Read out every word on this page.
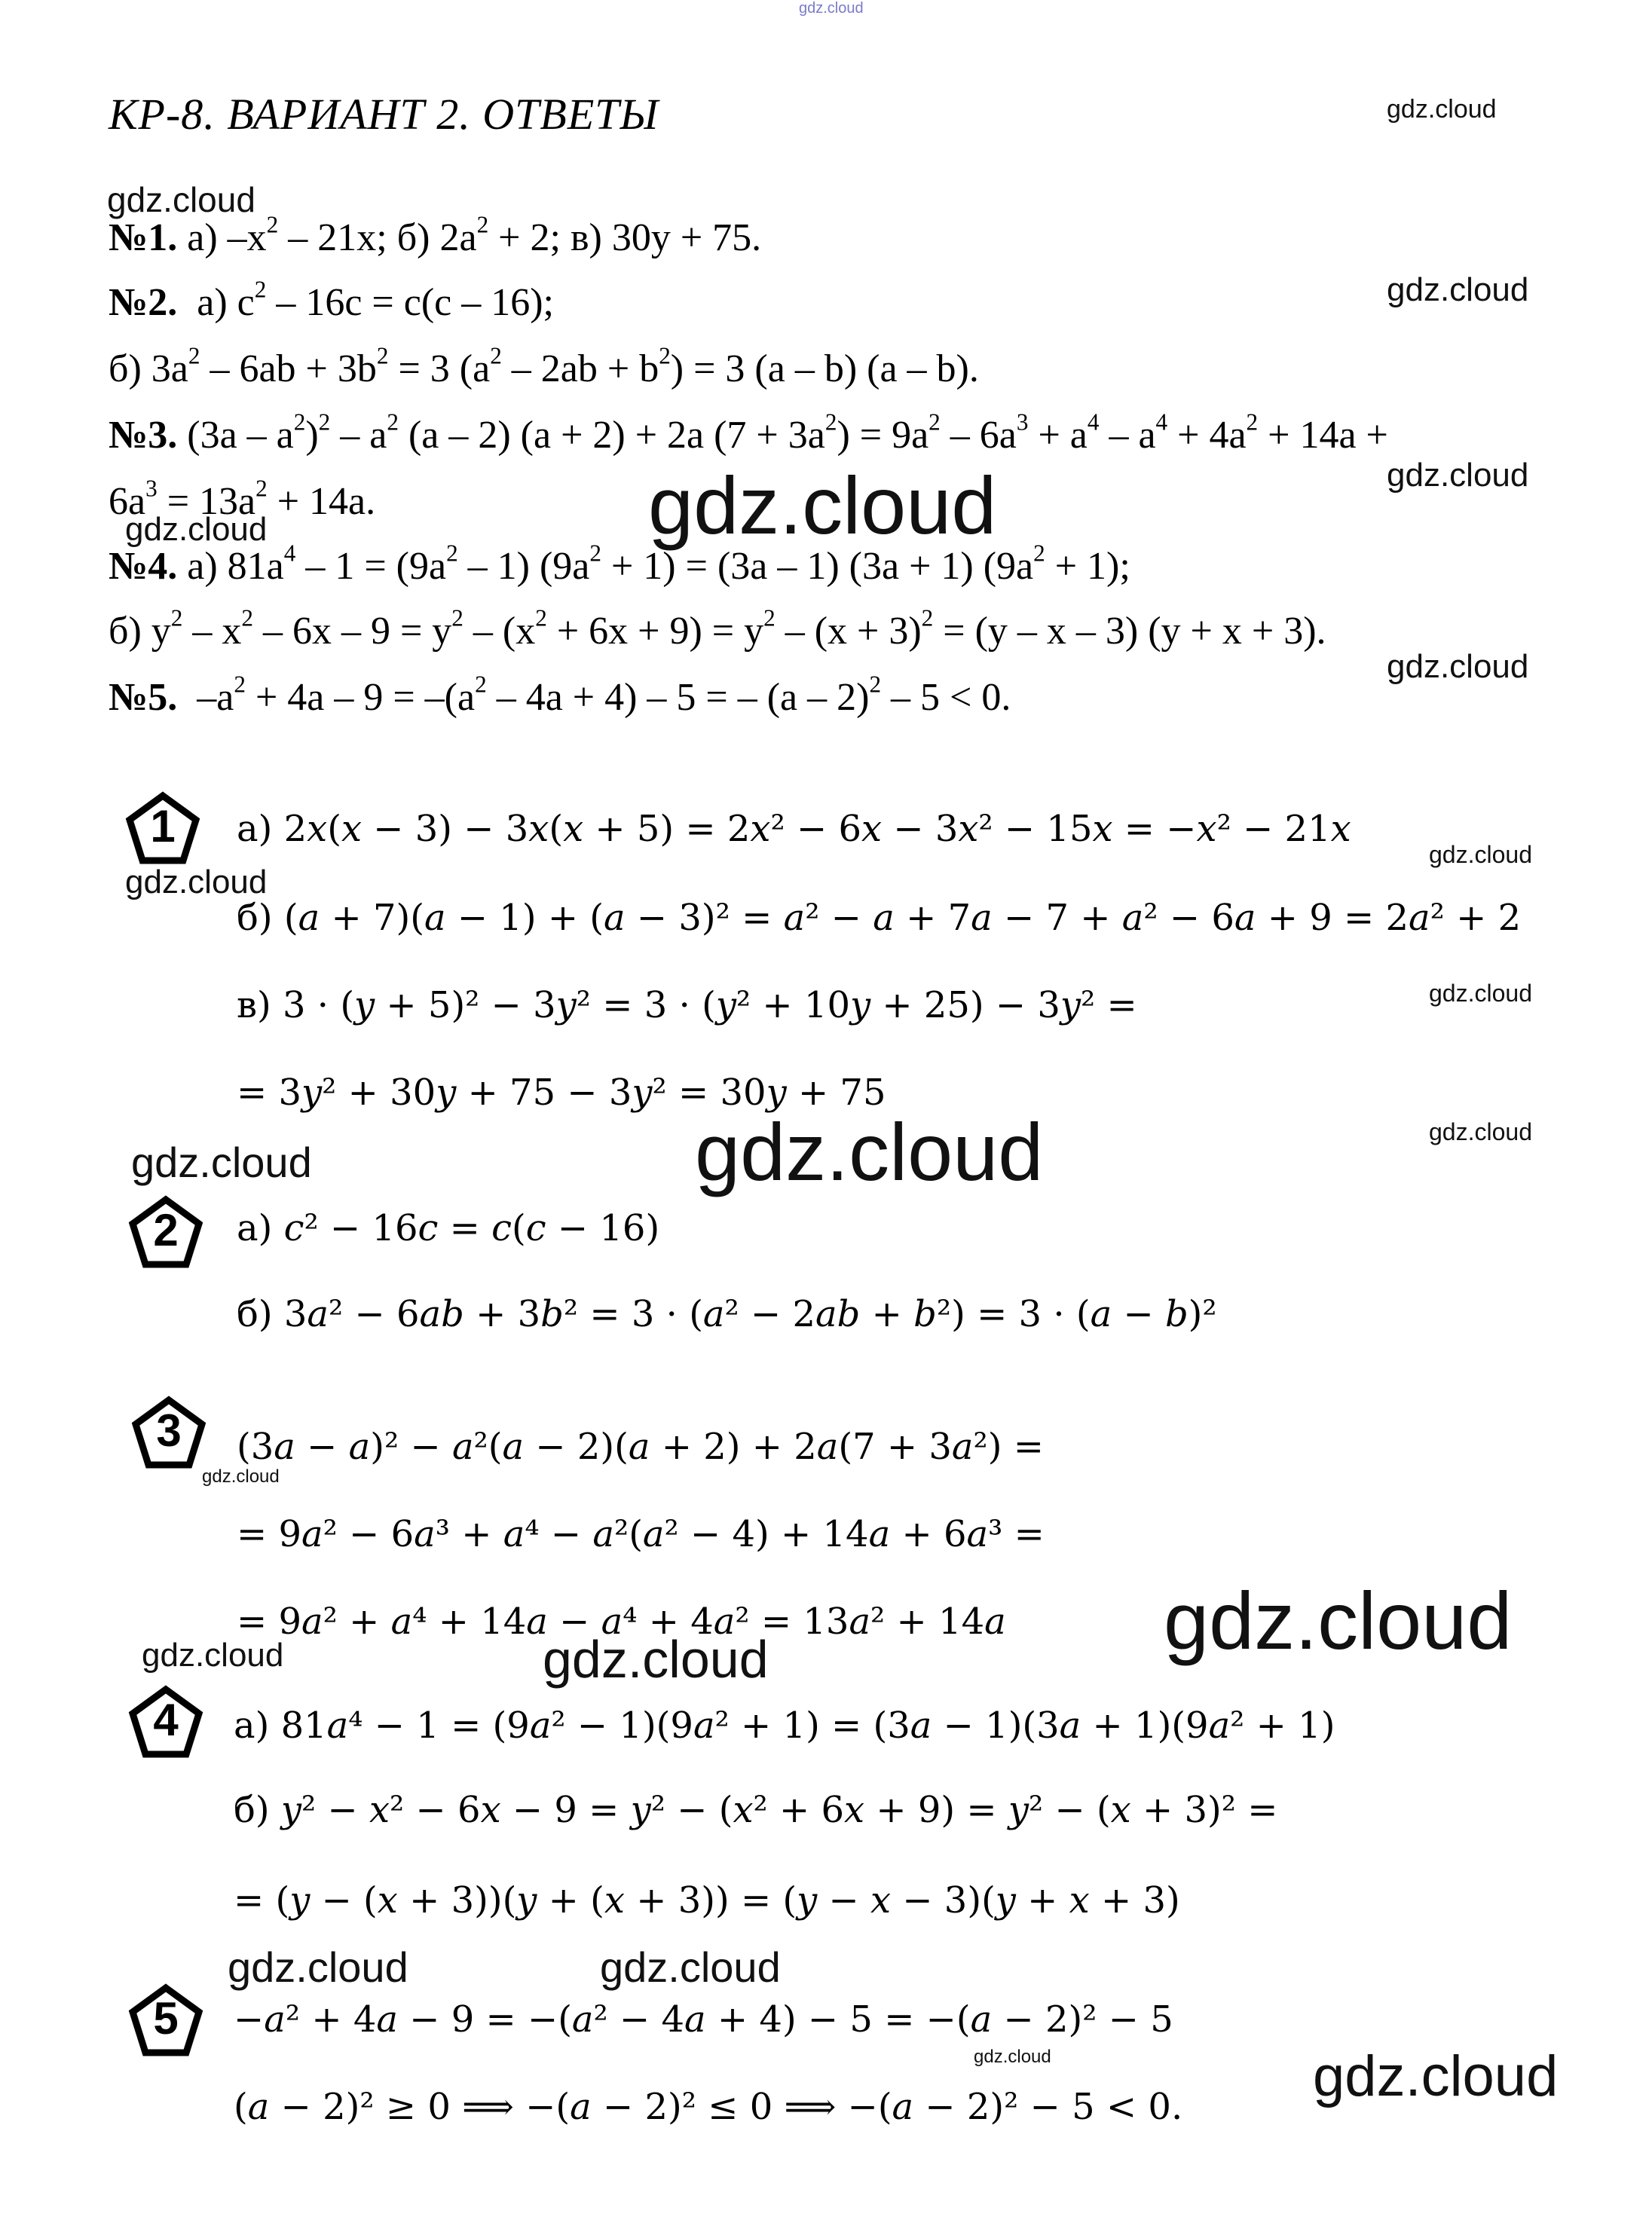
gdz.cloud
gdz.cloud
gdz.cloud
gdz.cloud
gdz.cloud
gdz.cloud
gdz.cloud
gdz.cloud
gdz.cloud
gdz.cloud
gdz.cloud
gdz.cloud
gdz.cloud
gdz.cloud
gdz.cloud
gdz.cloud
gdz.cloud	gdz.cloud
gdz.cloud	gdz.cloud
gdz.cloud	gdz.cloud
КР-8. ВАРИАНТ 2. ОТВЕТЫ
№1. а) $-x^2 - 21x$; б) $2a^2 + 2$; в) 30y + 75.
№2. а) $c^2 - 16c = c(c - 16)$;
б) $3a^2 - 6ab + 3b^2 = 3$ $(a^2 - 2ab + b^2) = 3$ (a – b) (a – b).
№3. $(3a - a^2)^2 - a^2$ (a – 2) (a + 2) + 2a $(7 + 3a^2) = 9a^2 - 6a^3 + a^4 - a^4 + 4a^2 + 14a$ +
$6a^3 = 13a^2 + 14a$.
№4. а) $81a^4 - 1 = (9a^2 - 1) (9a^2 + 1) = (3a - 1) (3a + 1) (9a^2 + 1)$;
б) $y^2 - x^2 - 6x - 9 = y^2 - (x^2 + 6x + 9) = y^2 - (x + 3)^2 = (y - x - 3) (y + x + 3)$.
№5. $-a^2 + 4a - 9 = -(a^2 - 4a + 4) - 5$ = – (a – 2)$^2$ – 5 < 0.
1
2
3
4
5
а) 2𝑥(𝑥 − 3) − 3𝑥(𝑥 + 5) = 2𝑥² − 6𝑥 − 3𝑥² − 15𝑥 = −𝑥² − 21𝑥
б) (𝑎 + 7)(𝑎 − 1) + (𝑎 − 3)² = 𝑎² − 𝑎 + 7𝑎 − 7 + 𝑎² − 6𝑎 + 9 = 2𝑎² + 2
в) 3 · (𝑦 + 5)² − 3𝑦² = 3 · (𝑦² + 10𝑦 + 25) − 3𝑦² =
= 3𝑦² + 30𝑦 + 75 − 3𝑦² = 30𝑦 + 75
а) 𝑐² − 16𝑐 = 𝑐(𝑐 − 16)
б) 3𝑎² − 6𝑎𝑏 + 3𝑏² = 3 · (𝑎² − 2𝑎𝑏 + 𝑏²) = 3 · (𝑎 − 𝑏)²
(3𝑎 − 𝑎)² − 𝑎²(𝑎 − 2)(𝑎 + 2) + 2𝑎(7 + 3𝑎²) =
= 9𝑎² − 6𝑎³ + 𝑎⁴ − 𝑎²(𝑎² − 4) + 14𝑎 + 6𝑎³ =
= 9𝑎² + 𝑎⁴ + 14𝑎 − 𝑎⁴ + 4𝑎² = 13𝑎² + 14𝑎
а) 81𝑎⁴ − 1 = (9𝑎² − 1)(9𝑎² + 1) = (3𝑎 − 1)(3𝑎 + 1)(9𝑎² + 1)
б) 𝑦² − 𝑥² − 6𝑥 − 9 = 𝑦² − (𝑥² + 6𝑥 + 9) = 𝑦² − (𝑥 + 3)² =
= (𝑦 − (𝑥 + 3))(𝑦 + (𝑥 + 3)) = (𝑦 − 𝑥 − 3)(𝑦 + 𝑥 + 3)
−𝑎² + 4𝑎 − 9 = −(𝑎² − 4𝑎 + 4) − 5 = −(𝑎 − 2)² − 5
(𝑎 − 2)² ≥ 0 ⟹ −(𝑎 − 2)² ≤ 0 ⟹ −(𝑎 − 2)² − 5 < 0.
